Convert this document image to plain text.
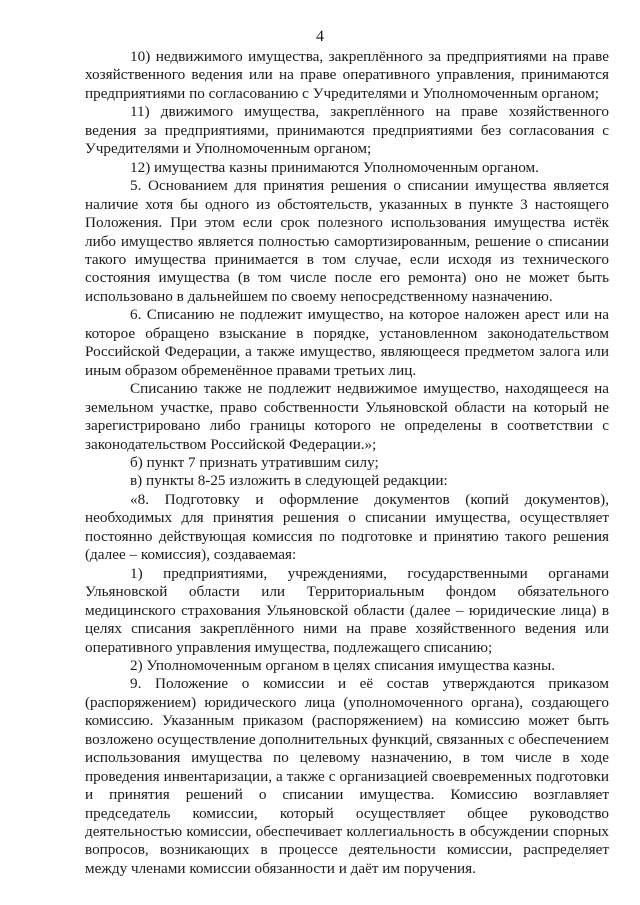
4

10) недвижимого имущества, закреплённого за предприятиями на праве хозяйственного ведения или на праве оперативного управления, принимаются предприятиями по согласованию с Учредителями и Уполномоченным органом;

11) движимого имущества, закреплённого на праве хозяйственного ведения за предприятиями, принимаются предприятиями без согласования с Учредителями и Уполномоченным органом;

12) имущества казны принимаются Уполномоченным органом.

5. Основанием для принятия решения о списании имущества является наличие хотя бы одного из обстоятельств, указанных в пункте 3 настоящего Положения. При этом если срок полезного использования имущества истёк либо имущество является полностью самортизированным, решение о списании такого имущества принимается в том случае, если исходя из технического состояния имущества (в том числе после его ремонта) оно не может быть использовано в дальнейшем по своему непосредственному назначению.

6. Списанию не подлежит имущество, на которое наложен арест или на которое обращено взыскание в порядке, установленном законодательством Российской Федерации, а также имущество, являющееся предметом залога или иным образом обременённое правами третьих лиц.

Списанию также не подлежит недвижимое имущество, находящееся на земельном участке, право собственности Ульяновской области на который не зарегистрировано либо границы которого не определены в соответствии с законодательством Российской Федерации.»;

б) пункт 7 признать утратившим силу;

в) пункты 8-25 изложить в следующей редакции:

«8. Подготовку и оформление документов (копий документов), необходимых для принятия решения о списании имущества, осуществляет постоянно действующая комиссия по подготовке и принятию такого решения (далее – комиссия), создаваемая:

1) предприятиями, учреждениями, государственными органами Ульяновской области или Территориальным фондом обязательного медицинского страхования Ульяновской области (далее – юридические лица) в целях списания закреплённого ними на праве хозяйственного ведения или оперативного управления имущества, подлежащего списанию;

2) Уполномоченным органом в целях списания имущества казны.

9. Положение о комиссии и её состав утверждаются приказом (распоряжением) юридического лица (уполномоченного органа), создающего комиссию. Указанным приказом (распоряжением) на комиссию может быть возложено осуществление дополнительных функций, связанных с обеспечением использования имущества по целевому назначению, в том числе в ходе проведения инвентаризации, а также с организацией своевременных подготовки и принятия решений о списании имущества. Комиссию возглавляет председатель комиссии, который осуществляет общее руководство деятельностью комиссии, обеспечивает коллегиальность в обсуждении спорных вопросов, возникающих в процессе деятельности комиссии, распределяет между членами комиссии обязанности и даёт им поручения.
